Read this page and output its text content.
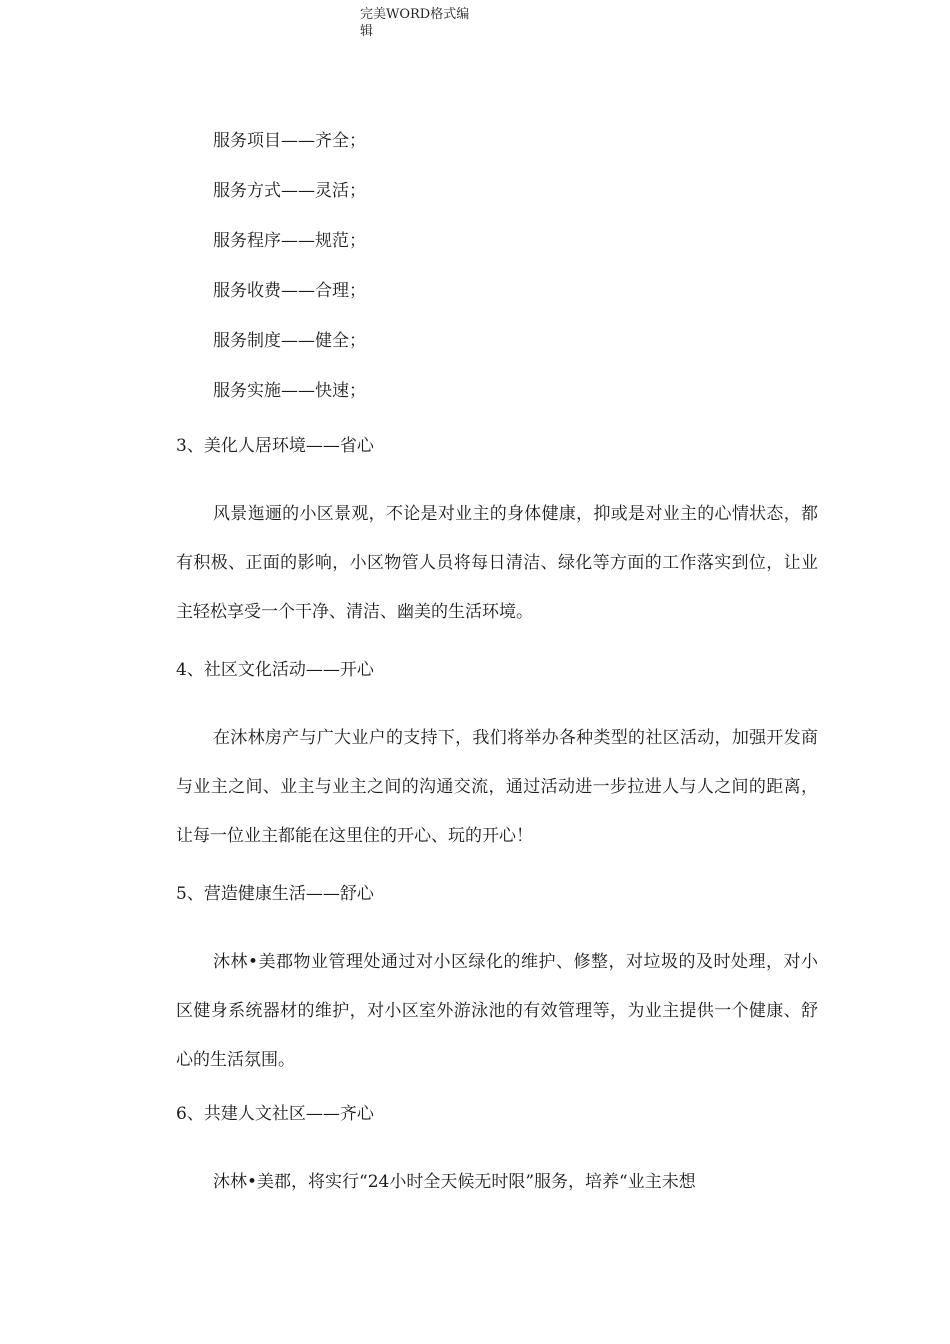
完美WORD格式编
辑
服务项目——齐全；
服务方式——灵活；
服务程序——规范；
服务收费——合理；
服务制度——健全；
服务实施——快速；
3、美化人居环境——省心
风景迤逦的小区景观，不论是对业主的身体健康，抑或是对业主的心情状态，都有积极、正面的影响，小区物管人员将每日清洁、绿化等方面的工作落实到位，让业主轻松享受一个干净、清洁、幽美的生活环境。
4、社区文化活动——开心
在沐林房产与广大业户的支持下，我们将举办各种类型的社区活动，加强开发商与业主之间、业主与业主之间的沟通交流，通过活动进一步拉进人与人之间的距离，让每一位业主都能在这里住的开心、玩的开心！
5、营造健康生活——舒心
沐林•美郡物业管理处通过对小区绿化的维护、修整，对垃圾的及时处理，对小区健身系统器材的维护，对小区室外游泳池的有效管理等，为业主提供一个健康、舒心的生活氛围。
6、共建人文社区——齐心
沐林•美郡，将实行“24小时全天候无时限”服务，培养“业主未想
